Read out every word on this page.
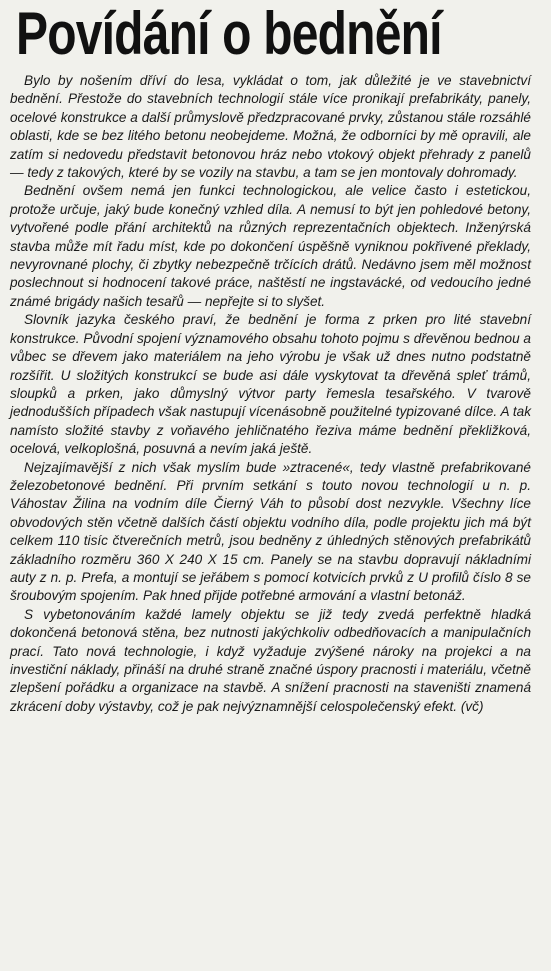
Povídání o bednění

Bylo by nošením dříví do lesa, vykládat o tom, jak důležité je ve stavebnictví bednění. Přestože do stavebních technologií stále více pronikají prefabrikáty, panely, ocelové konstrukce a další průmyslově předzpracované prvky, zůstanou stále rozsáhlé oblasti, kde se bez litého betonu neobejdeme. Možná, že odborníci by mě opravili, ale zatím si nedovedu představit betonovou hráz nebo vtokový objekt přehrady z panelů — tedy z takových, které by se vozily na stavbu, a tam se jen montovaly dohromady.

Bednění ovšem nemá jen funkci technologickou, ale velice často i estetickou, protože určuje, jaký bude konečný vzhled díla. A nemusí to být jen pohledové betony, vytvořené podle přání architektů na různých reprezentačních objektech. Inženýrská stavba může mít řadu míst, kde po dokončení úspěšně vyniknou pokřivené překlady, nevyrovnané plochy, či zbytky nebezpečně trčících drátů. Nedávno jsem měl možnost poslechnout si hodnocení takové práce, naštěstí ne ingstavácké, od vedoucího jedné známé brigády našich tesařů — nepřejte si to slyšet.

Slovník jazyka českého praví, že bednění je forma z prken pro lité stavební konstrukce. Původní spojení významového obsahu tohoto pojmu s dřevěnou bednou a vůbec se dřevem jako materiálem na jeho výrobu je však už dnes nutno podstatně rozšířit. U složitých konstrukcí se bude asi dále vyskytovat ta dřevěná spleť trámů, sloupků a prken, jako důmyslný výtvor party řemesla tesařského. V tvarově jednodušších případech však nastupují vícenásobně použitelné typizované dílce. A tak namísto složité stavby z voňavého jehličnatého řeziva máme bednění překližková, ocelová, velkoplošná, posuvná a nevím jaká ještě.

Nejzajímavější z nich však myslím bude »ztracené«, tedy vlastně prefabrikované železobetonové bednění. Při prvním setkání s touto novou technologií u n. p. Váhostav Žilina na vodním díle Čierný Váh to působí dost nezvykle. Všechny líce obvodových stěn včetně dalších částí objektu vodního díla, podle projektu jich má být celkem 110 tisíc čtverečních metrů, jsou bedněny z úhledných stěnových prefabrikátů základního rozměru 360 X 240 X 15 cm. Panely se na stavbu dopravují nákladními auty z n. p. Prefa, a montují se jeřábem s pomocí kotvicích prvků z U profilů číslo 8 se šroubovým spojením. Pak hned přijde potřebné armování a vlastní betonáž.

S vybetonováním každé lamely objektu se již tedy zvedá perfektně hladká dokončená betonová stěna, bez nutnosti jakýchkoliv odbedňovacích a manipulačních prací. Tato nová technologie, i když vyžaduje zvýšené nároky na projekci a na investiční náklady, přináší na druhé straně značné úspory pracnosti i materiálu, včetně zlepšení pořádku a organizace na stavbě. A snížení pracnosti na staveništi znamená zkrácení doby výstavby, což je pak nejvýznamnější celospolečenský efekt. (vč)
